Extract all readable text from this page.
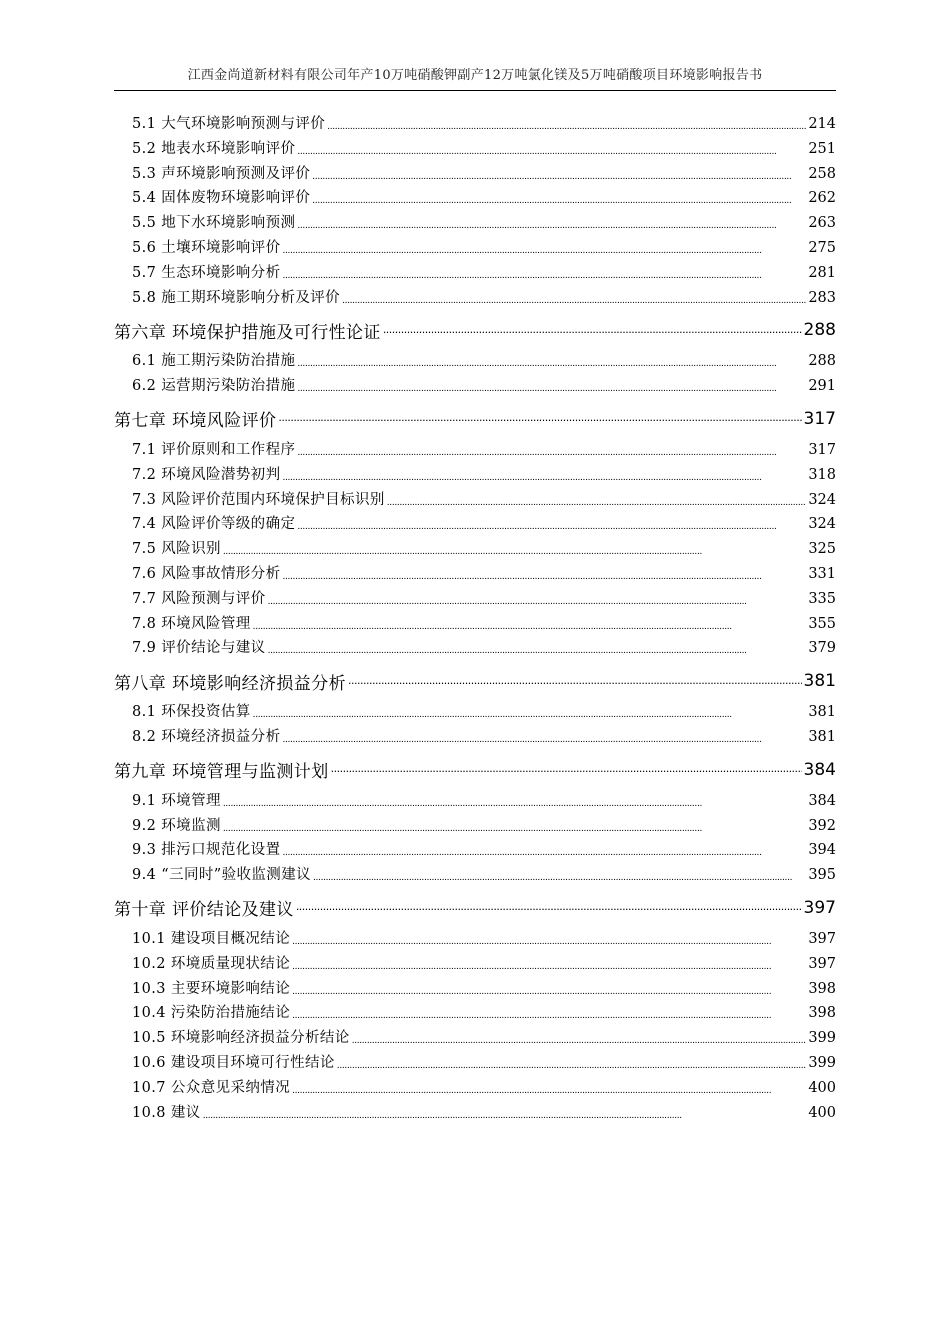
江西金尚道新材料有限公司年产10万吨硝酸钾副产12万吨氯化镁及5万吨硝酸项目环境影响报告书
5.1 大气环境影响预测与评价 . . .	214
5.2 地表水环境影响评价 . . .	251
5.3 声环境影响预测及评价 . . .	258
5.4 固体废物环境影响评价 . . .	262
5.5 地下水环境影响预测 . . .	263
5.6 土壤环境影响评价 . . .	275
5.7 生态环境影响分析 . . .	281
5.8 施工期环境影响分析及评价 . . .	283
第六章 环境保护措施及可行性论证 . . .	288
6.1 施工期污染防治措施 . . .	288
6.2 运营期污染防治措施 . . .	291
第七章 环境风险评价 . . .	317
7.1 评价原则和工作程序 . . .	317
7.2 环境风险潜势初判 . . .	318
7.3 风险评价范围内环境保护目标识别 . . .	324
7.4 风险评价等级的确定 . . .	324
7.5 风险识别 . . .	325
7.6 风险事故情形分析 . . .	331
7.7 风险预测与评价 . . .	335
7.8 环境风险管理 . . .	355
7.9 评价结论与建议 . . .	379
第八章 环境影响经济损益分析 . . .	381
8.1 环保投资估算 . . .	381
8.2 环境经济损益分析 . . .	381
第九章 环境管理与监测计划 . . .	384
9.1 环境管理 . . .	384
9.2 环境监测 . . .	392
9.3 排污口规范化设置 . . .	394
9.4 “三同时”验收监测建议 . . .	395
第十章 评价结论及建议 . . .	397
10.1 建设项目概况结论 . . .	397
10.2 环境质量现状结论 . . .	397
10.3 主要环境影响结论 . . .	398
10.4 污染防治措施结论 . . .	398
10.5 环境影响经济损益分析结论 . . .	399
10.6 建设项目环境可行性结论 . . .	399
10.7 公众意见采纳情况 . . .	400
10.8 建议 . . .	400
